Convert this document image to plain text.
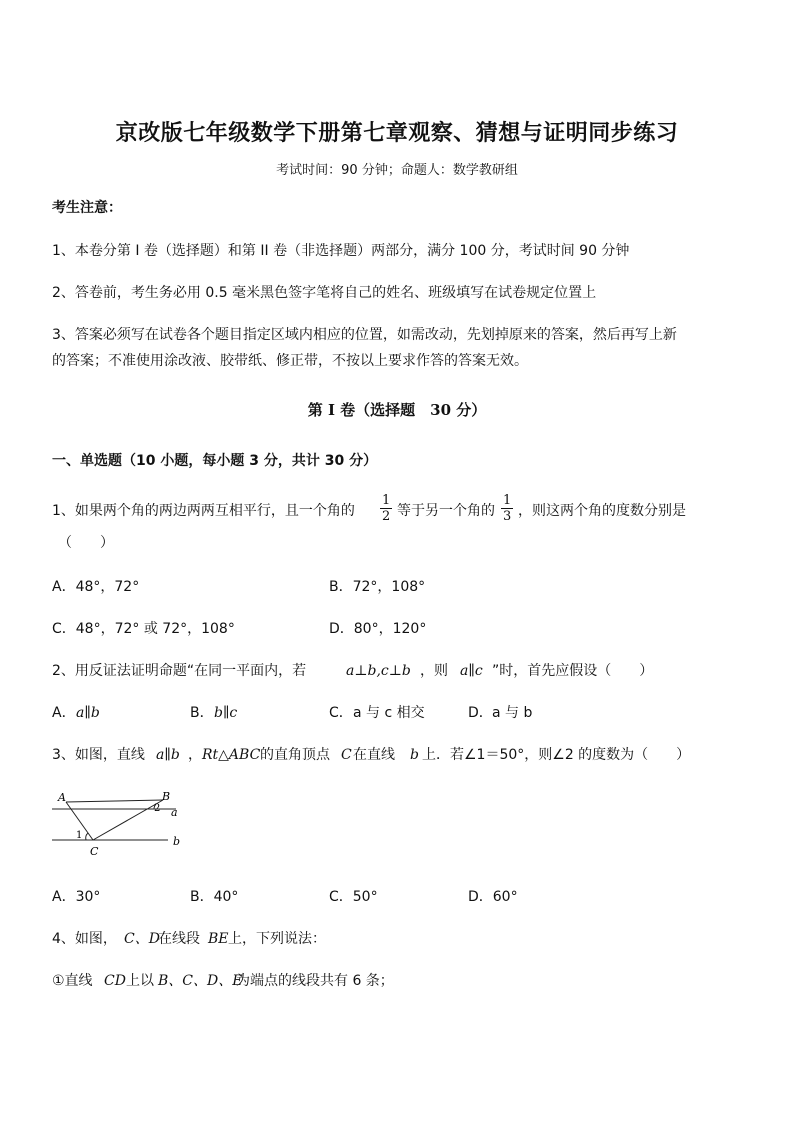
京改版七年级数学下册第七章观察、猜想与证明同步练习
考试时间：90 分钟；命题人：数学教研组
考生注意：
1、本卷分第 I 卷（选择题）和第 II 卷（非选择题）两部分，满分 100 分，考试时间 90 分钟
2、答卷前，考生务必用 0.5 毫米黑色签字笔将自己的姓名、班级填写在试卷规定位置上
3、答案必须写在试卷各个题目指定区域内相应的位置，如需改动，先划掉原来的答案，然后再写上新
的答案；不准使用涂改液、胶带纸、修正带，不按以上要求作答的答案无效。
第 I 卷（选择题　30 分）
一、单选题（10 小题，每小题 3 分，共计 30 分）
1、如果两个角的两边两两互相平行，且一个角的 $\frac{1}{2}$ 等于另一个角的 $\frac{1}{3}$ ，则这两个角的度数分别是
（　　）
A．48°，72°	B．72°，108°
C．48°，72° 或 72°，108°	D．80°，120°
2、用反证法证明命题“在同一平面内，若	a⊥b,c⊥b ，则 a∥c ”时，首先应假设（　　）
A． a∥b	B． b∥c	C． a 与 c 相交	D． a 与 b
3、如图，直线 a∥b ， Rt△ABC 的直角顶点 C 在直线 b 上．若∠1＝50°，则∠2 的度数为（　　）
A	B
C
a
b
1
2
A．30°	B．40°	C．50°	D．60°
4、如图， C、D
在线段 BE 上，下列说法：
①直线 CD 上以 B、C、D、E
为端点的线段共有 6 条；
